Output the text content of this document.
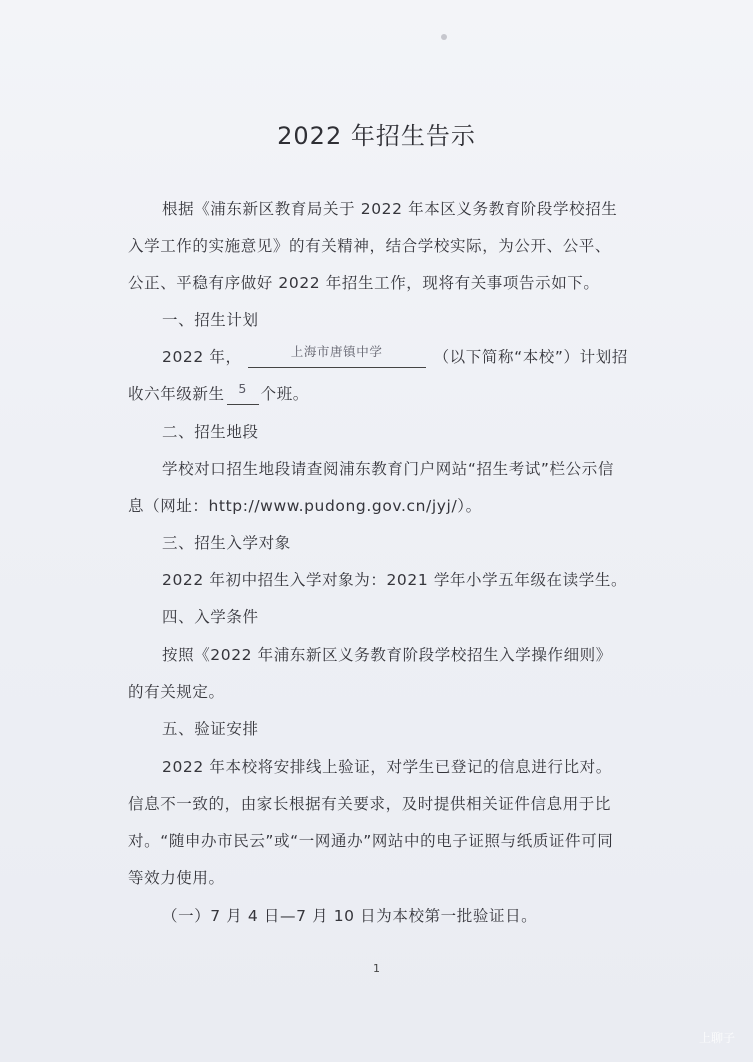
2022 年招生告示
根据《浦东新区教育局关于 2022 年本区义务教育阶段学校招生
入学工作的实施意见》的有关精神，结合学校实际，为公开、公平、
公正、平稳有序做好 2022 年招生工作，现将有关事项告示如下。
一、招生计划
2022 年，	$^{上海市唐镇中学}$	（以下简称“本校”）计划招
收六年级新生 $^5$ 个班。
二、招生地段
学校对口招生地段请查阅浦东教育门户网站“招生考试”栏公示信
息（网址：http://www.pudong.gov.cn/jyj/）。
三、招生入学对象
2022 年初中招生入学对象为：2021 学年小学五年级在读学生。
四、入学条件
按照《2022 年浦东新区义务教育阶段学校招生入学操作细则》
的有关规定。
五、验证安排
2022 年本校将安排线上验证，对学生已登记的信息进行比对。
信息不一致的，由家长根据有关要求，及时提供相关证件信息用于比
对。“随申办市民云”或“一网通办”网站中的电子证照与纸质证件可同
等效力使用。
（一）7 月 4 日—7 月 10 日为本校第一批验证日。
1
上聊子
